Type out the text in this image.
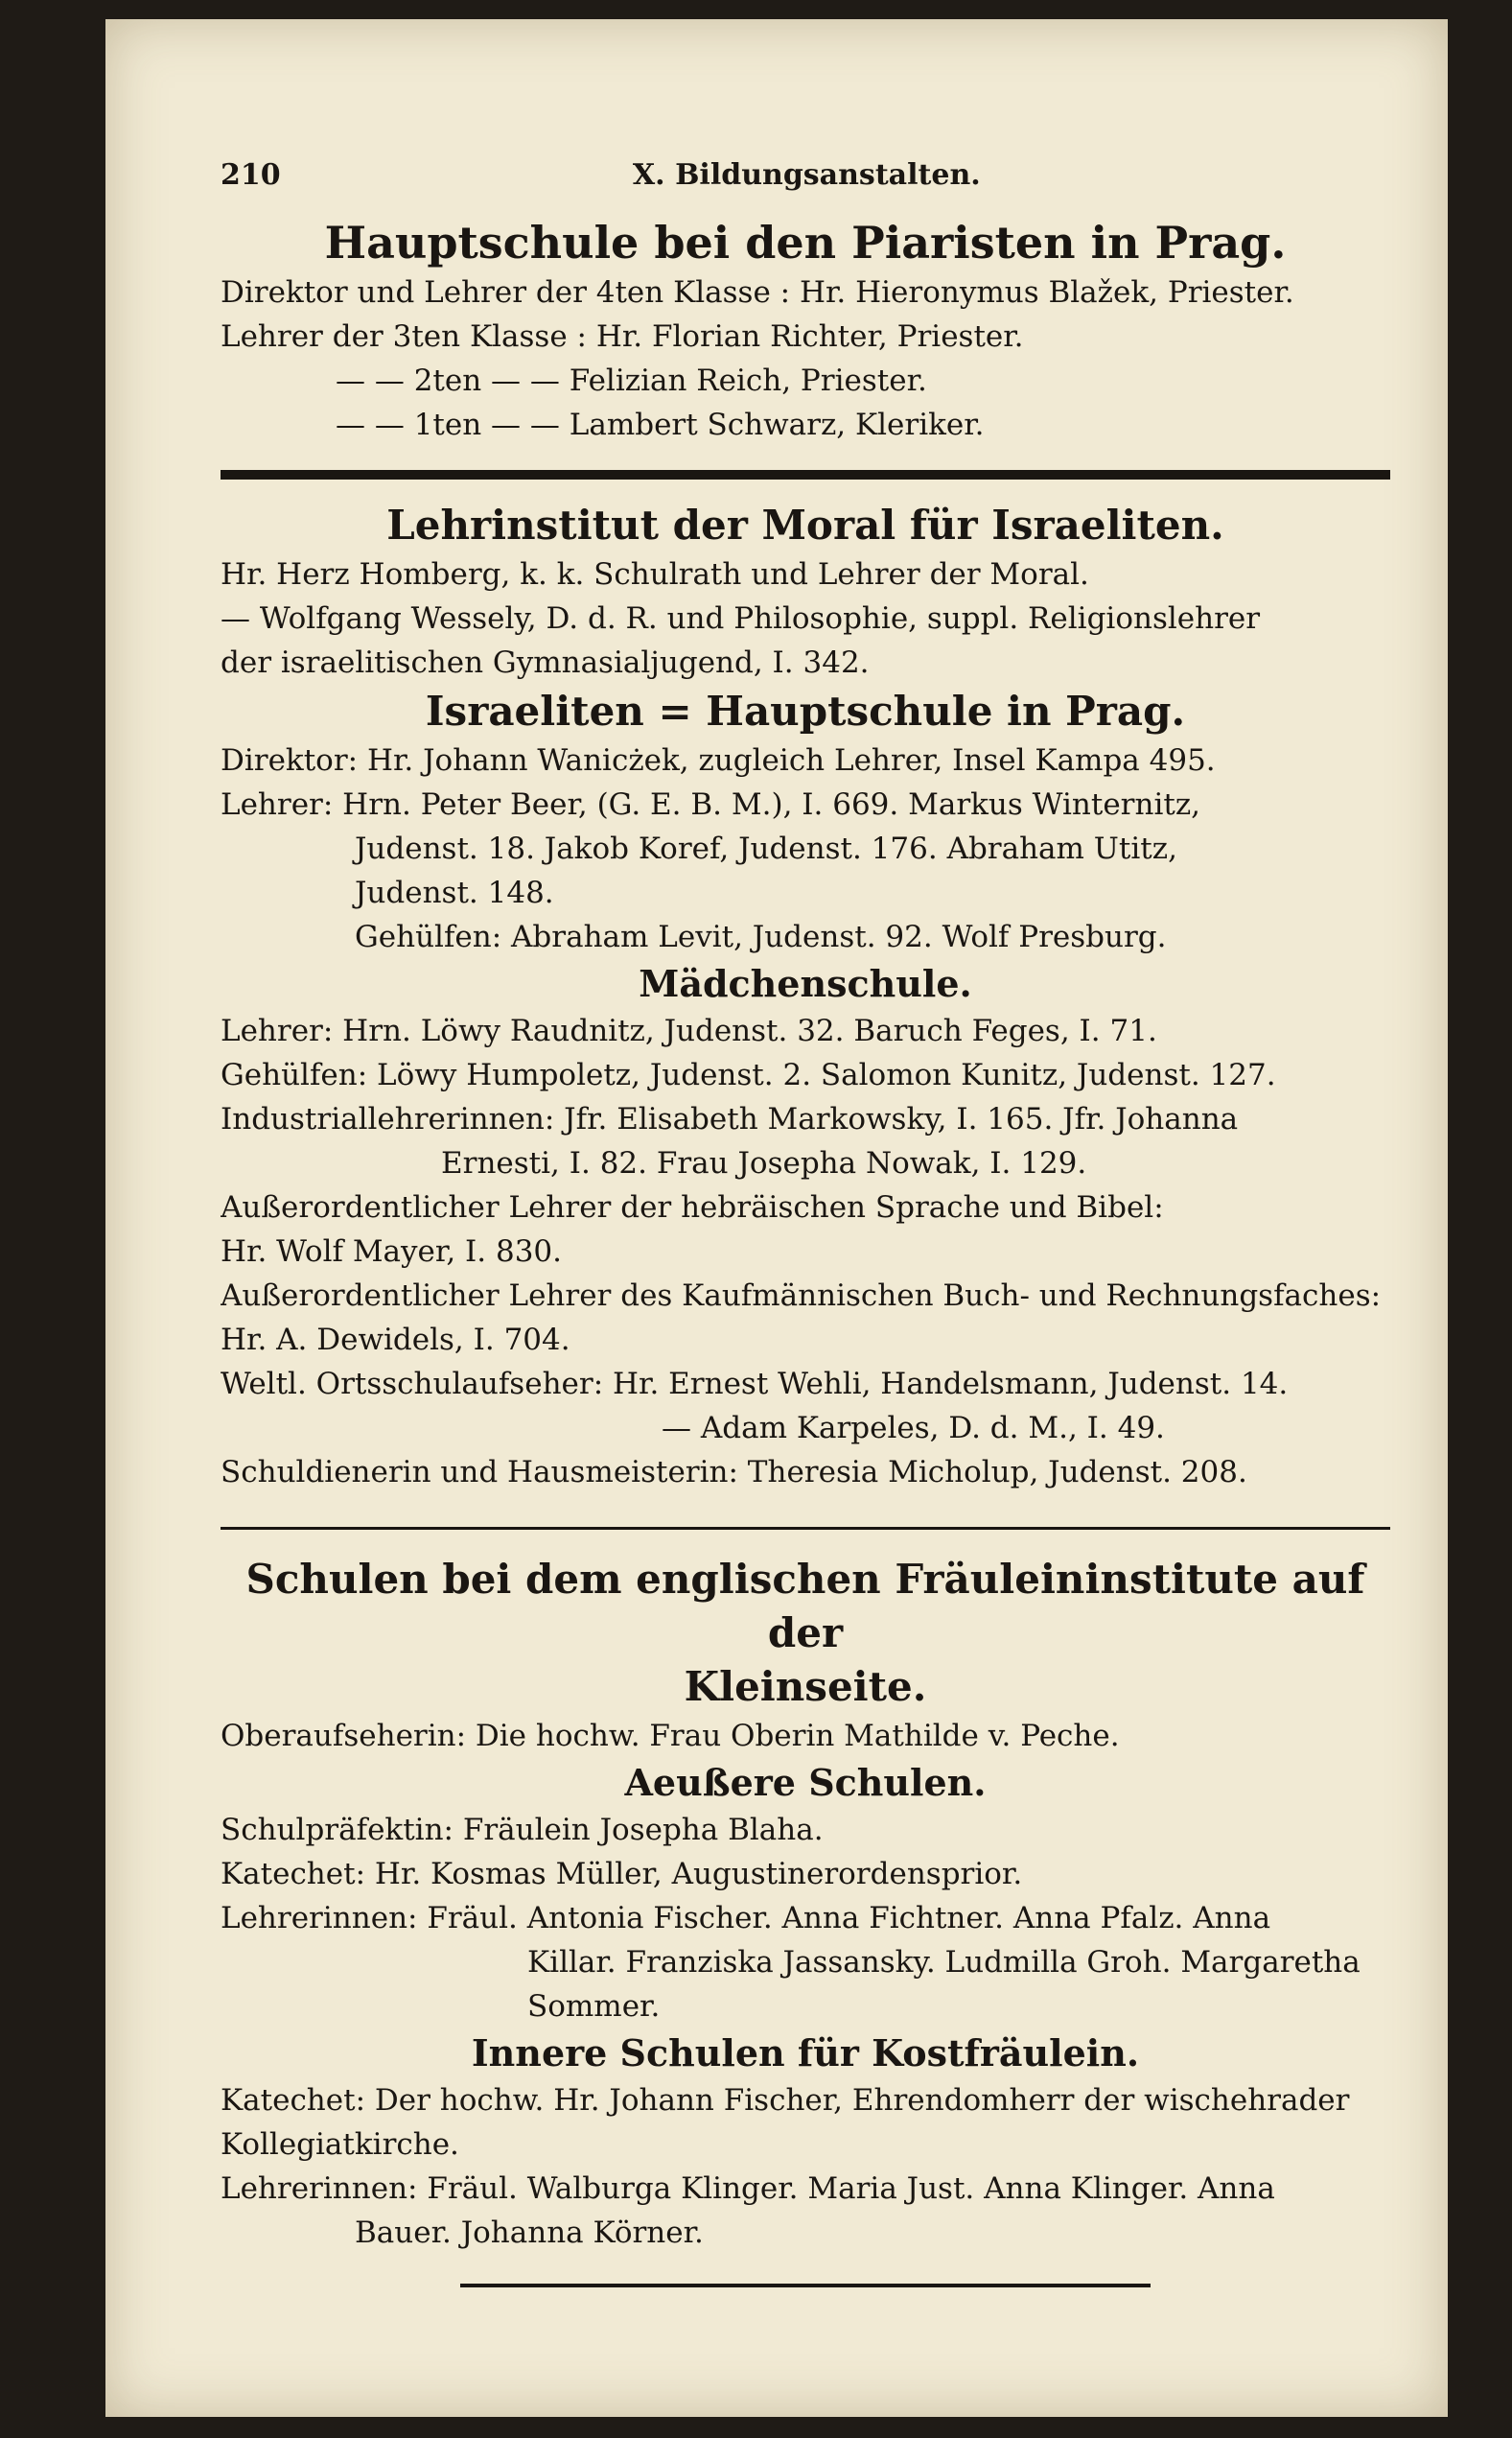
210	X. Bildungsanstalten.
Hauptschule bei den Piaristen in Prag.
Direktor und Lehrer der 4ten Klasse : Hr. Hieronymus Blažek, Priester.
Lehrer der 3ten Klasse : Hr. Florian Richter, Priester.
— — 2ten — — Felizian Reich, Priester.
— — 1ten — — Lambert Schwarz, Kleriker.
Lehrinstitut der Moral für Israeliten.
Hr. Herz Homberg, k. k. Schulrath und Lehrer der Moral.
— Wolfgang Wessely, D. d. R. und Philosophie, suppl. Religionslehrer
der israelitischen Gymnasialjugend, I. 342.
Israeliten = Hauptschule in Prag.
Direktor: Hr. Johann Wanicżek, zugleich Lehrer, Insel Kampa 495.
Lehrer: Hrn. Peter Beer, (G. E. B. M.), I. 669. Markus Winternitz,
Judenst. 18. Jakob Koref, Judenst. 176. Abraham Utitz,
Judenst. 148.
Gehülfen: Abraham Levit, Judenst. 92. Wolf Presburg.
Mädchenschule.
Lehrer: Hrn. Löwy Raudnitz, Judenst. 32. Baruch Feges, I. 71.
Gehülfen: Löwy Humpoletz, Judenst. 2. Salomon Kunitz, Judenst. 127.
Industriallehrerinnen: Jfr. Elisabeth Markowsky, I. 165. Jfr. Johanna
Ernesti, I. 82. Frau Josepha Nowak, I. 129.
Außerordentlicher Lehrer der hebräischen Sprache und Bibel:
Hr. Wolf Mayer, I. 830.
Außerordentlicher Lehrer des Kaufmännischen Buch- und Rechnungsfaches:
Hr. A. Dewidels, I. 704.
Weltl. Ortsschulaufseher: Hr. Ernest Wehli, Handelsmann, Judenst. 14.
— Adam Karpeles, D. d. M., I. 49.
Schuldienerin und Hausmeisterin: Theresia Micholup, Judenst. 208.
Schulen bei dem englischen Fräuleininstitute auf der
Kleinseite.
Oberaufseherin: Die hochw. Frau Oberin Mathilde v. Peche.
Aeußere Schulen.
Schulpräfektin: Fräulein Josepha Blaha.
Katechet: Hr. Kosmas Müller, Augustinerordensprior.
Lehrerinnen: Fräul. Antonia Fischer. Anna Fichtner. Anna Pfalz. Anna
Killar. Franziska Jassansky. Ludmilla Groh. Margaretha
Sommer.
Innere Schulen für Kostfräulein.
Katechet: Der hochw. Hr. Johann Fischer, Ehrendomherr der wischehrader
Kollegiatkirche.
Lehrerinnen: Fräul. Walburga Klinger. Maria Just. Anna Klinger. Anna
Bauer. Johanna Körner.
